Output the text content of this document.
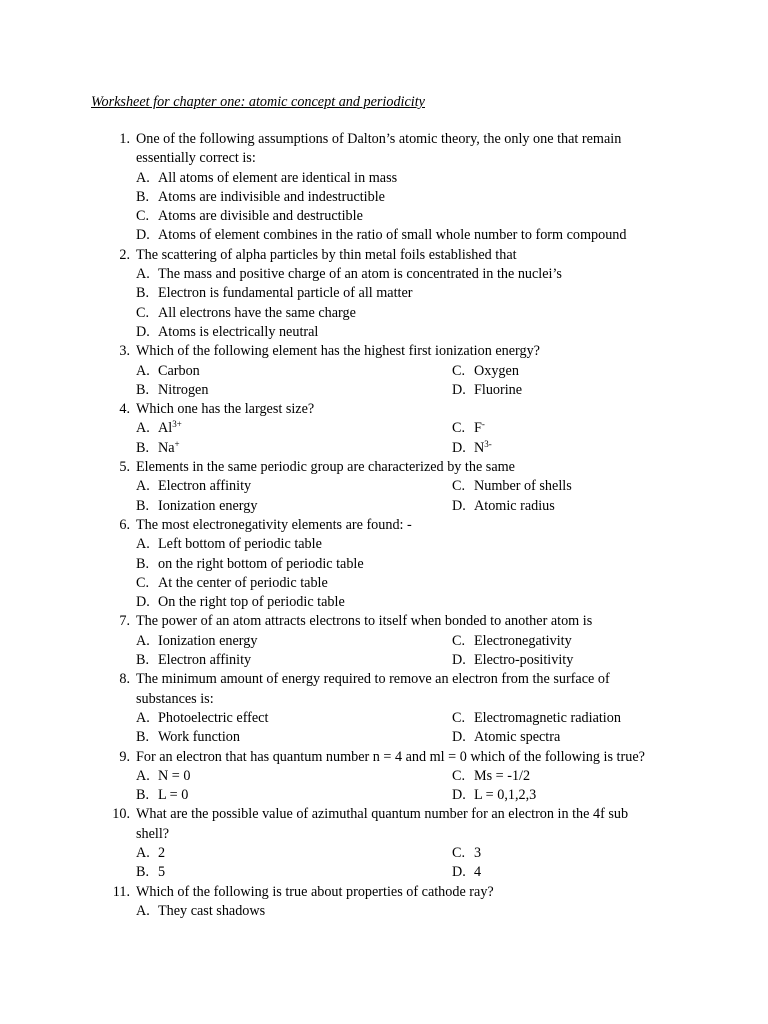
Worksheet for chapter one: atomic concept and periodicity
1. One of the following assumptions of Dalton’s atomic theory, the only one that remain
essentially correct is:
A. All atoms of element are identical in mass
B. Atoms are indivisible and indestructible
C. Atoms are divisible and destructible
D. Atoms of element combines in the ratio of small whole number to form compound
2. The scattering of alpha particles by thin metal foils established that
A. The mass and positive charge of an atom is concentrated in the nuclei’s
B. Electron is fundamental particle of all matter
C. All electrons have the same charge
D. Atoms is electrically neutral
3. Which of the following element has the highest first ionization energy?
A. Carbon	C. Oxygen
B. Nitrogen	D. Fluorine
4. Which one has the largest size?
A. $Al^{3+}$	C. F-
B. Na+	D. $N^{3-}$
5. Elements in the same periodic group are characterized by the same
A. Electron affinity	C. Number of shells
B. Ionization energy	D. Atomic radius
6. The most electronegativity elements are found: -
A. Left bottom of periodic table
B. on the right bottom of periodic table
C. At the center of periodic table
D. On the right top of periodic table
7. The power of an atom attracts electrons to itself when bonded to another atom is
A. Ionization energy	C. Electronegativity
B. Electron affinity	D. Electro-positivity
8. The minimum amount of energy required to remove an electron from the surface of
substances is:
A. Photoelectric effect	C. Electromagnetic radiation
B. Work function	D. Atomic spectra
9. For an electron that has quantum number n = 4 and ml = 0 which of the following is true?
A. N = 0	C. Ms = -1/2
B. L = 0	D. L = 0,1,2,3
10. What are the possible value of azimuthal quantum number for an electron in the 4f sub
shell?
A. 2	C. 3
B. 5	D. 4
11. Which of the following is true about properties of cathode ray?
A. They cast shadows
